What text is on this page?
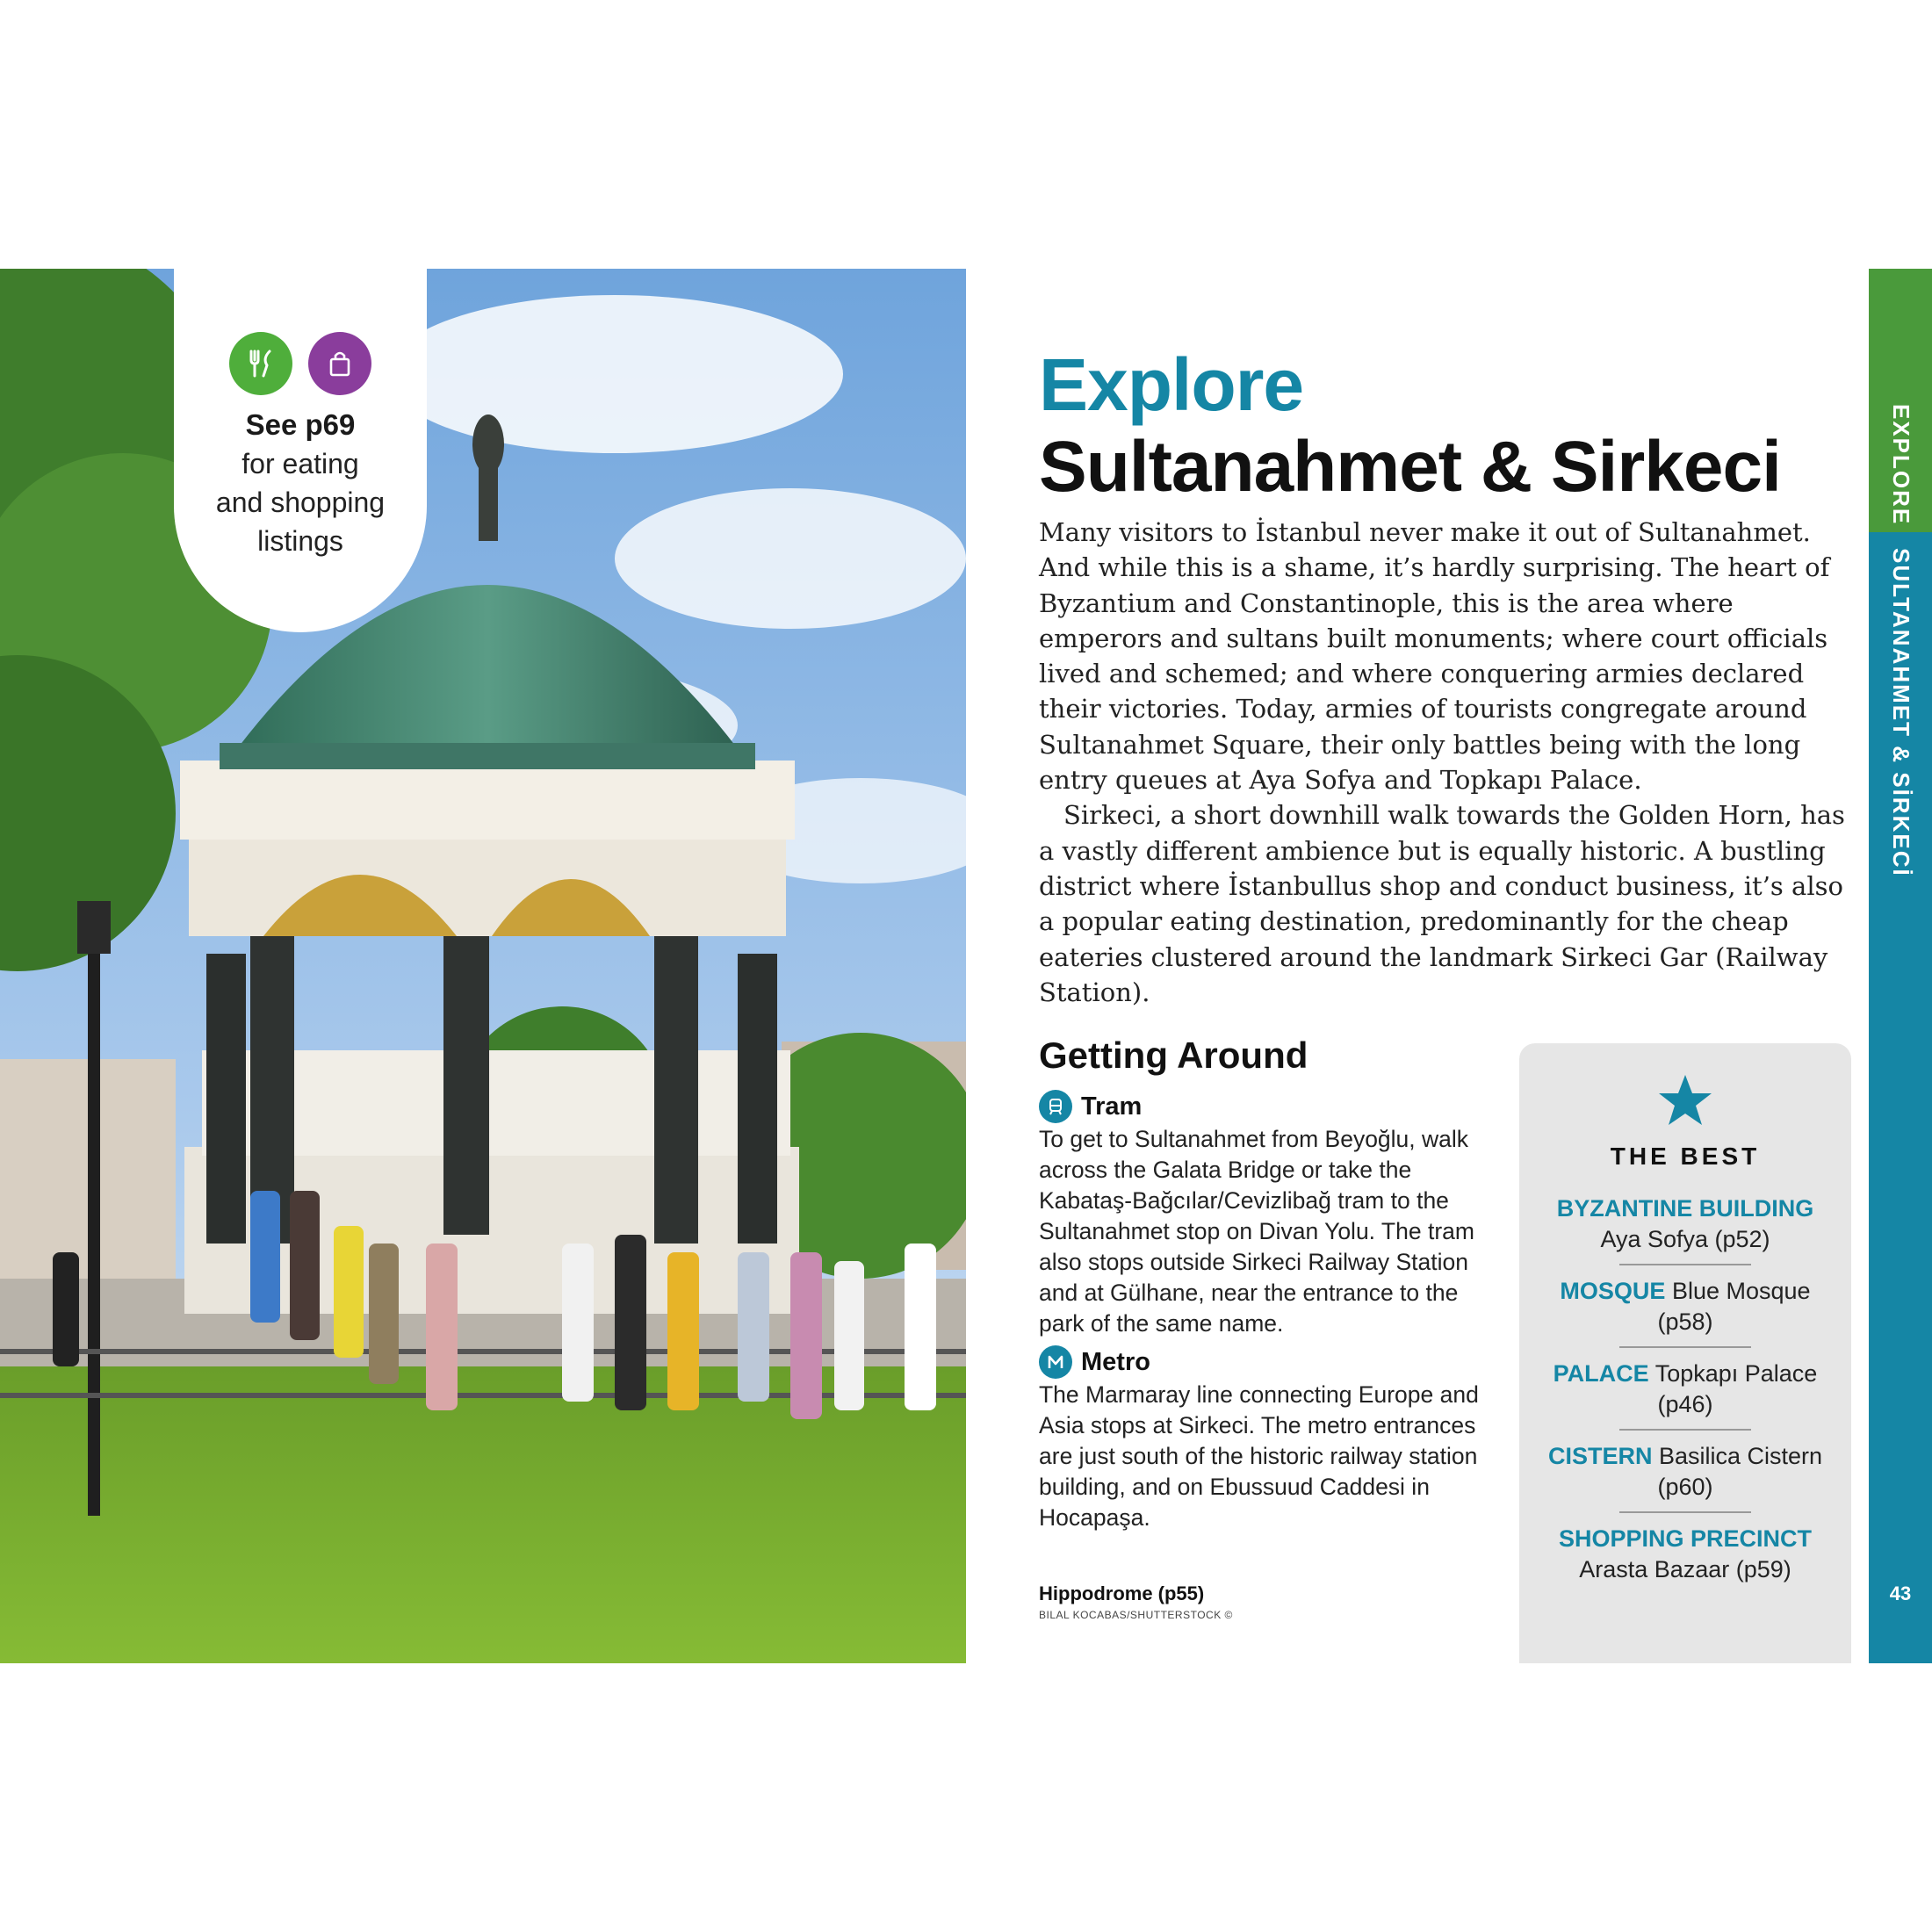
See p69
for eating
and shopping
listings
Explore
Sultanahmet & Sirkeci

Many visitors to İstanbul never make it out of Sultanahmet. And while this is a shame, it’s hardly surprising. The heart of Byzantium and Constantinople, this is the area where emperors and sultans built monuments; where court officials lived and schemed; and where conquering armies declared their victories. Today, armies of tourists congregate around Sultanahmet Square, their only battles being with the long entry queues at Aya Sofya and Topkapı Palace.

Sirkeci, a short downhill walk towards the Golden Horn, has a vastly different ambience but is equally historic. A bustling district where İstanbullus shop and conduct business, it’s also a popular eating destination, predominantly for the cheap eateries clustered around the landmark Sirkeci Gar (Railway Station).

Getting Around
Tram

To get to Sultanahmet from Beyoğlu, walk across the Galata Bridge or take the Kabataş-Bağcılar/Cevizlibağ tram to the Sultanahmet stop on Divan Yolu. The tram also stops outside Sirkeci Railway Station and at Gülhane, near the entrance to the park of the same name.

Metro

The Marmaray line connecting Europe and Asia stops at Sirkeci. The metro entrances are just south of the historic railway station building, and on Ebussuud Caddesi in Hocapaşa.

Hippodrome (p55)
BILAL KOCABAS/SHUTTERSTOCK ©
THE BEST
BYZANTINE BUILDING Aya Sofya (p52)
MOSQUE Blue Mosque (p58)
PALACE Topkapı Palace (p46)
CISTERN Basilica Cistern (p60)
SHOPPING PRECINCT Arasta Bazaar (p59)
EXPLORE
SULTANAHMET & SİRKECİ
43
